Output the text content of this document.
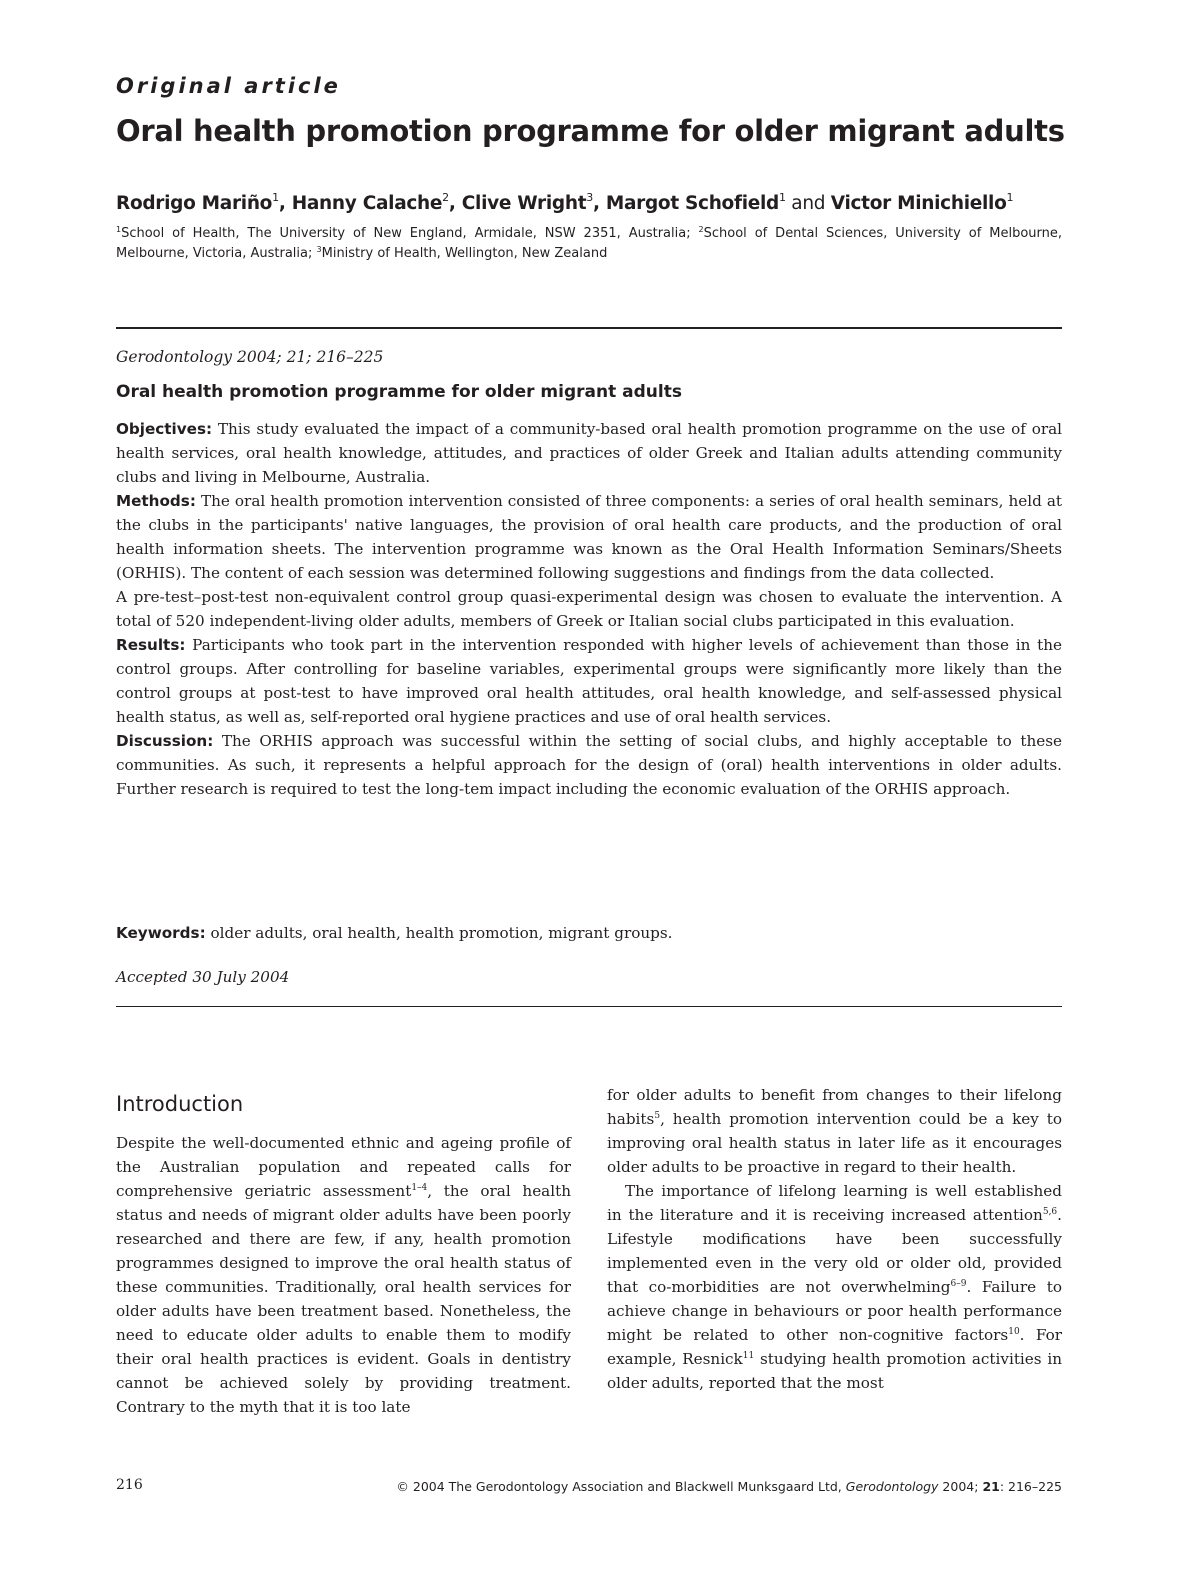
Original article
Oral health promotion programme for older migrant adults
Rodrigo Mariño$^1$, Hanny Calache$^2$, Clive Wright$^3$, Margot Schofield$^1$ and Victor Minichiello$^1$
$^1$School of Health, The University of New England, Armidale, NSW 2351, Australia; $^2$School of Dental Sciences, University of Melbourne, Melbourne, Victoria, Australia; $^3$Ministry of Health, Wellington, New Zealand
Gerodontology 2004; 21; 216–225
Oral health promotion programme for older migrant adults

Objectives: This study evaluated the impact of a community-based oral health promotion programme on the use of oral health services, oral health knowledge, attitudes, and practices of older Greek and Italian adults attending community clubs and living in Melbourne, Australia.

Methods: The oral health promotion intervention consisted of three components: a series of oral health seminars, held at the clubs in the participants' native languages, the provision of oral health care products, and the production of oral health information sheets. The intervention programme was known as the Oral Health Information Seminars/Sheets (ORHIS). The content of each session was determined following suggestions and findings from the data collected.

A pre-test–post-test non-equivalent control group quasi-experimental design was chosen to evaluate the intervention. A total of 520 independent-living older adults, members of Greek or Italian social clubs participated in this evaluation.

Results: Participants who took part in the intervention responded with higher levels of achievement than those in the control groups. After controlling for baseline variables, experimental groups were significantly more likely than the control groups at post-test to have improved oral health attitudes, oral health knowledge, and self-assessed physical health status, as well as, self-reported oral hygiene practices and use of oral health services.

Discussion: The ORHIS approach was successful within the setting of social clubs, and highly acceptable to these communities. As such, it represents a helpful approach for the design of (oral) health interventions in older adults. Further research is required to test the long-tem impact including the economic evaluation of the ORHIS approach.

Keywords: older adults, oral health, health promotion, migrant groups.
Accepted 30 July 2004
Introduction

Despite the well-documented ethnic and ageing profile of the Australian population and repeated calls for comprehensive geriatric assessment$^{1-4}$, the oral health status and needs of migrant older adults have been poorly researched and there are few, if any, health promotion programmes designed to improve the oral health status of these communities. Traditionally, oral health services for older adults have been treatment based. Nonetheless, the need to educate older adults to enable them to modify their oral health practices is evident. Goals in dentistry cannot be achieved solely by providing treatment. Contrary to the myth that it is too late

for older adults to benefit from changes to their lifelong habits$^5$, health promotion intervention could be a key to improving oral health status in later life as it encourages older adults to be proactive in regard to their health.

The importance of lifelong learning is well established in the literature and it is receiving increased attention$^{5,6}$. Lifestyle modifications have been successfully implemented even in the very old or older old, provided that co-morbidities are not overwhelming$^{6-9}$. Failure to achieve change in behaviours or poor health performance might be related to other non-cognitive factors$^{10}$. For example, Resnick$^{11}$ studying health promotion activities in older adults, reported that the most

216	© 2004 The Gerodontology Association and Blackwell Munksgaard Ltd, Gerodontology 2004; 21: 216–225
